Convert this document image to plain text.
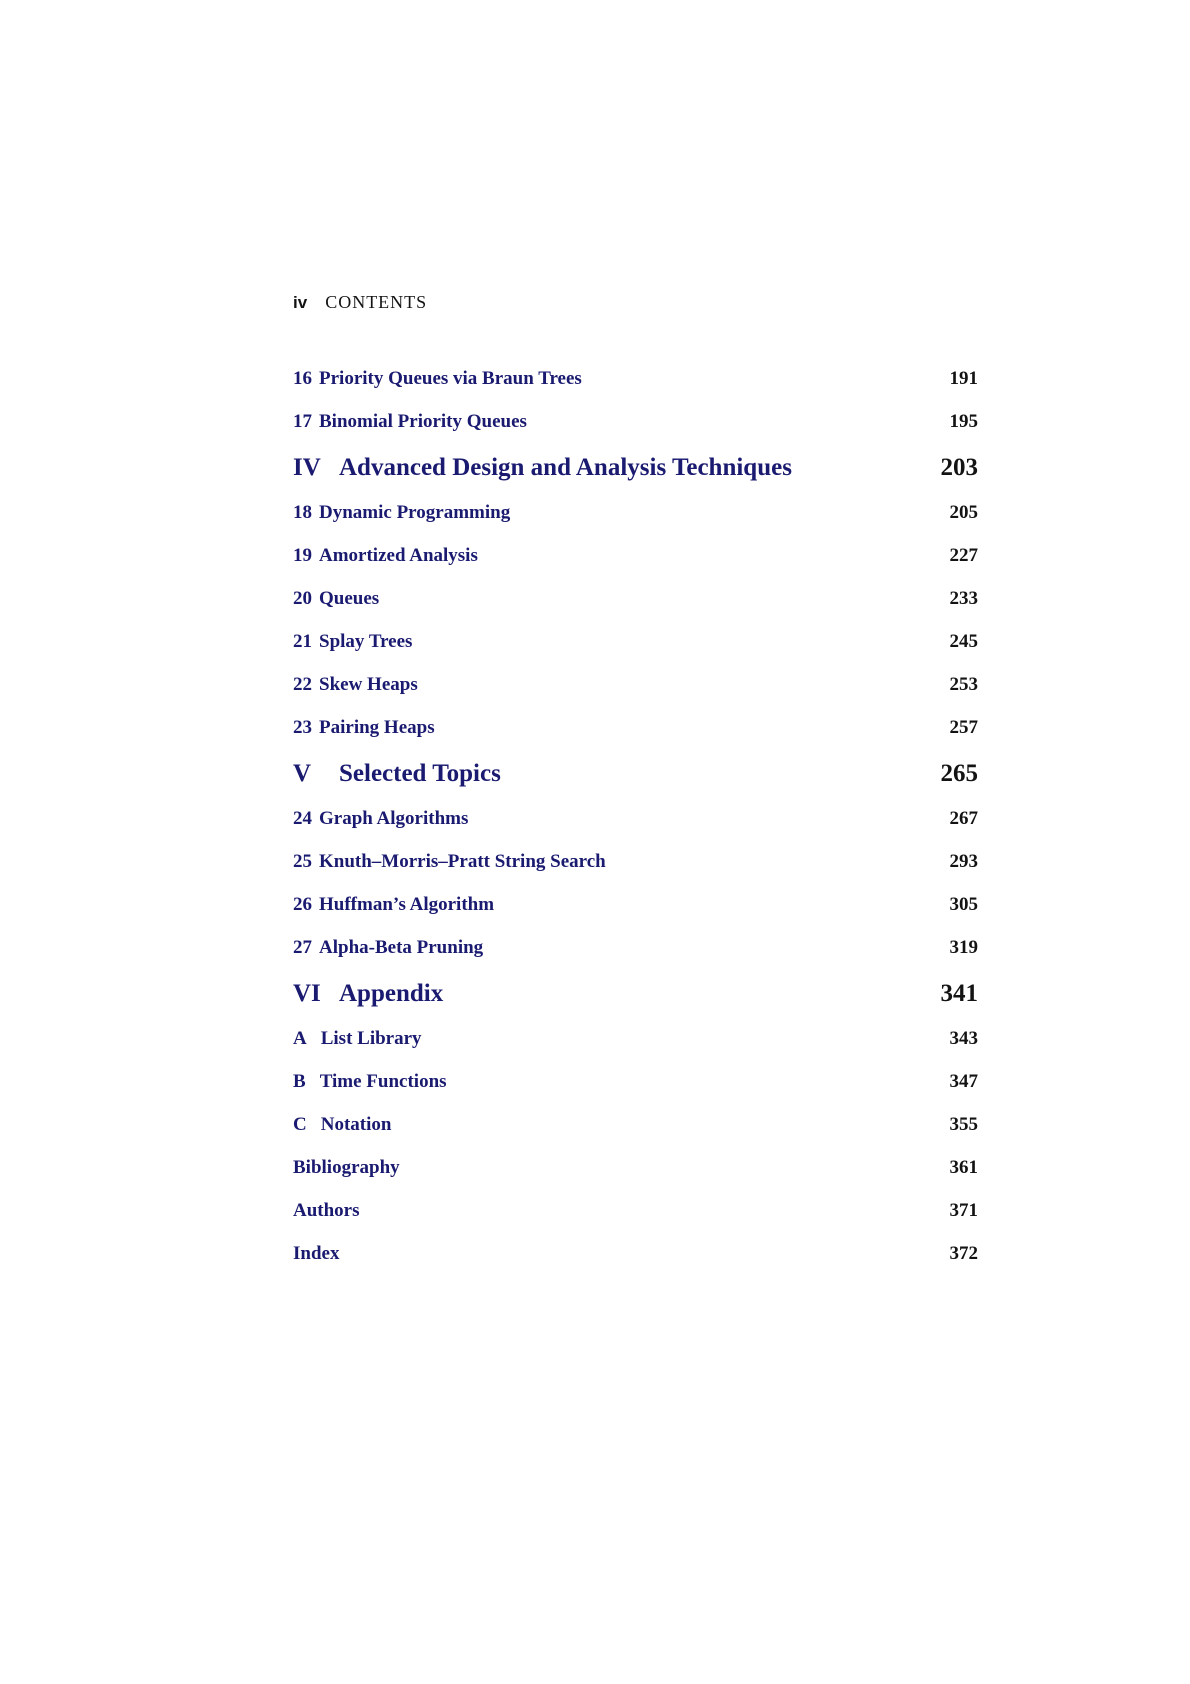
iv CONTENTS
16 Priority Queues via Braun Trees	191
17 Binomial Priority Queues	195
IV Advanced Design and Analysis Techniques	203
18 Dynamic Programming	205
19 Amortized Analysis	227
20 Queues	233
21 Splay Trees	245
22 Skew Heaps	253
23 Pairing Heaps	257
V	Selected Topics	265
24 Graph Algorithms	267
25 Knuth–Morris–Pratt String Search	293
26 Huffman’s Algorithm	305
27 Alpha-Beta Pruning	319
VI Appendix	341
A List Library	343
B Time Functions	347
C Notation	355
Bibliography	361
Authors	371
Index	372
